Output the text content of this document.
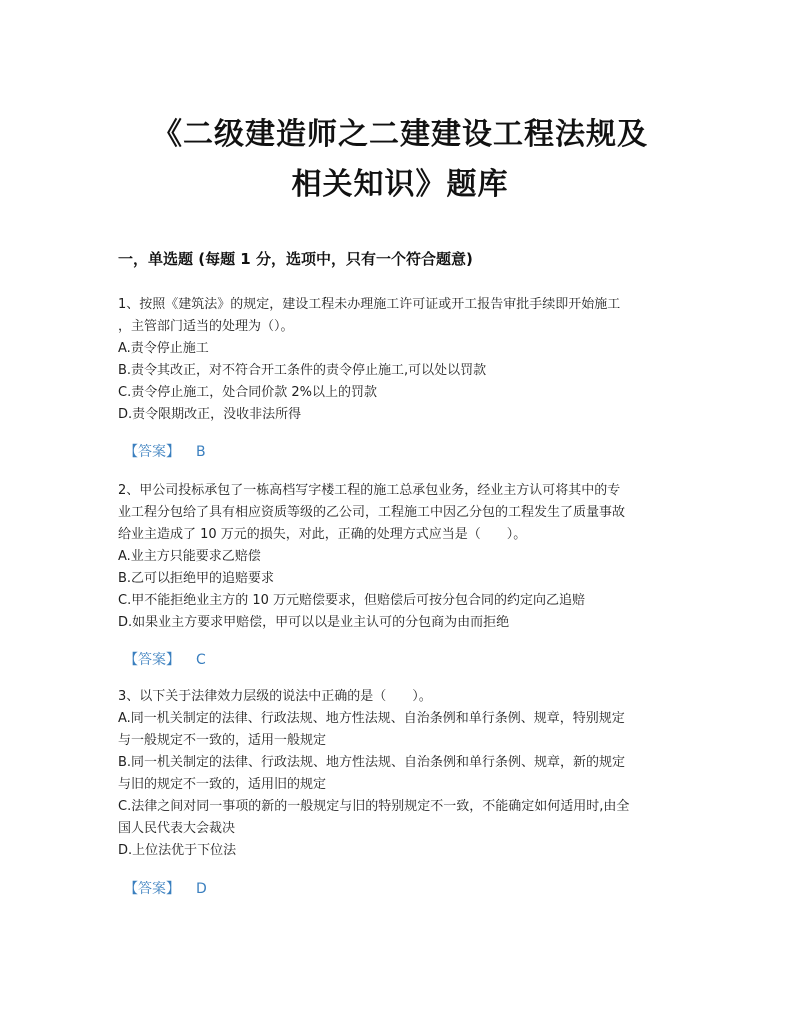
《二级建造师之二建建设工程法规及
相关知识》题库
一，单选题 (每题 1 分，选项中，只有一个符合题意)

1、按照《建筑法》的规定，建设工程未办理施工许可证或开工报告审批手续即开始施工

，主管部门适当的处理为（）。

A.责令停止施工

B.责令其改正，对不符合开工条件的责令停止施工,可以处以罚款

C.责令停止施工，处合同价款 2%以上的罚款

D.责令限期改正，没收非法所得

【答案】 B

2、甲公司投标承包了一栋高档写字楼工程的施工总承包业务，经业主方认可将其中的专

业工程分包给了具有相应资质等级的乙公司，工程施工中因乙分包的工程发生了质量事故

给业主造成了 10 万元的损失，对此，正确的处理方式应当是（　　）。

A.业主方只能要求乙赔偿

B.乙可以拒绝甲的追赔要求

C.甲不能拒绝业主方的 10 万元赔偿要求，但赔偿后可按分包合同的约定向乙追赔

D.如果业主方要求甲赔偿，甲可以以是业主认可的分包商为由而拒绝

【答案】 C

3、以下关于法律效力层级的说法中正确的是（　　）。

A.同一机关制定的法律、行政法规、地方性法规、自治条例和单行条例、规章，特别规定

与一般规定不一致的，适用一般规定

B.同一机关制定的法律、行政法规、地方性法规、自治条例和单行条例、规章，新的规定

与旧的规定不一致的，适用旧的规定

C.法律之间对同一事项的新的一般规定与旧的特别规定不一致，不能确定如何适用时,由全

国人民代表大会裁决

D.上位法优于下位法

【答案】 D
